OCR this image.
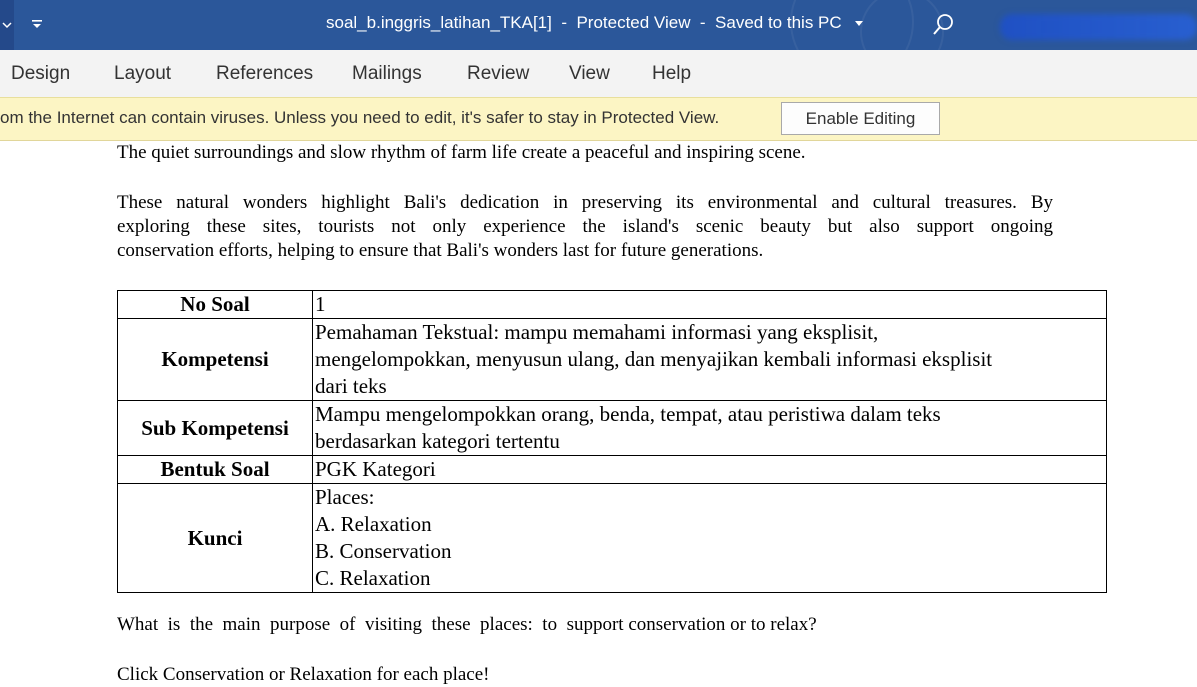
soal_b.inggris_latihan_TKA[1]  -  Protected View  -  Saved to this PC
Design Layout References Mailings Review View Help
om the Internet can contain viruses. Unless you need to edit, it's safer to stay in Protected View.	Enable Editing
The quiet surroundings and slow rhythm of farm life create a peaceful and inspiring scene.
These natural wonders highlight Bali's dedication in preserving its environmental and cultural treasures. By
exploring these sites, tourists not only experience the island's scenic beauty but also support ongoing
conservation efforts, helping to ensure that Bali's wonders last for future generations.
No Soal	1

Kompetensi	Pemahaman Tekstual: mampu memahami informasi yang eksplisit,
mengelompokkan, menyusun ulang, dan menyajikan kembali informasi eksplisit
dari teks

Sub Kompetensi	Mampu mengelompokkan orang, benda, tempat, atau peristiwa dalam teks
berdasarkan kategori tertentu

Bentuk Soal	PGK Kategori

Kunci	Places:
A. Relaxation
B. Conservation
C. Relaxation
What  is  the  main  purpose  of  visiting  these  places:  to  support conservation or to relax?
Click Conservation or Relaxation for each place!
